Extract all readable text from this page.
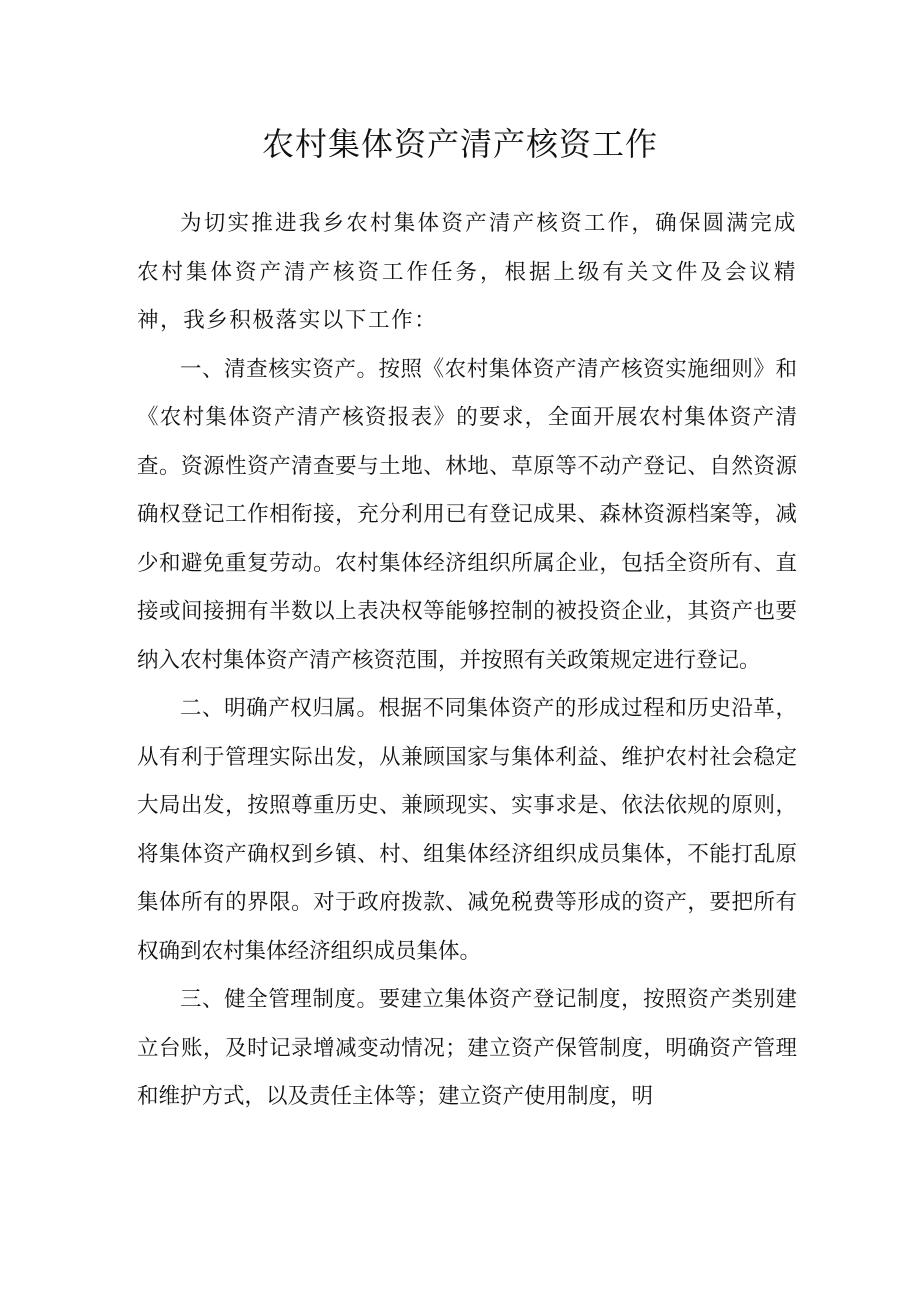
农村集体资产清产核资工作

为切实推进我乡农村集体资产清产核资工作，确保圆满完成农村集体资产清产核资工作任务，根据上级有关文件及会议精神，我乡积极落实以下工作：

一、清查核实资产。按照《农村集体资产清产核资实施细则》和《农村集体资产清产核资报表》的要求，全面开展农村集体资产清查。资源性资产清查要与土地、林地、草原等不动产登记、自然资源确权登记工作相衔接，充分利用已有登记成果、森林资源档案等，减少和避免重复劳动。农村集体经济组织所属企业，包括全资所有、直接或间接拥有半数以上表决权等能够控制的被投资企业，其资产也要纳入农村集体资产清产核资范围，并按照有关政策规定进行登记。

二、明确产权归属。根据不同集体资产的形成过程和历史沿革，从有利于管理实际出发，从兼顾国家与集体利益、维护农村社会稳定大局出发，按照尊重历史、兼顾现实、实事求是、依法依规的原则，将集体资产确权到乡镇、村、组集体经济组织成员集体，不能打乱原集体所有的界限。对于政府拨款、减免税费等形成的资产，要把所有权确到农村集体经济组织成员集体。

三、健全管理制度。要建立集体资产登记制度，按照资产类别建立台账，及时记录增减变动情况；建立资产保管制度，明确资产管理和维护方式，以及责任主体等；建立资产使用制度，明
